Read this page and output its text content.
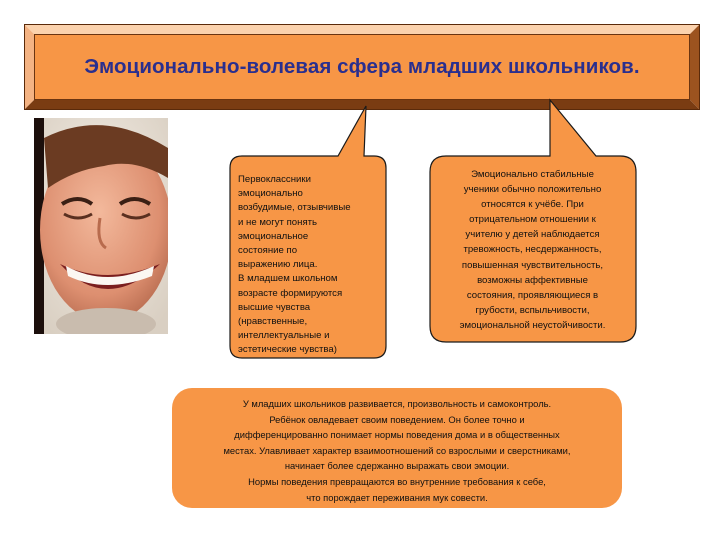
Эмоционально-волевая сфера младших школьников.
Первоклассники
эмоционально
возбудимые, отзывчивые
и не могут понять
эмоциональное
состояние по
выражению лица.
В младшем школьном
возрасте формируются
высшие чувства
(нравственные,
интеллектуальные и
эстетические чувства)
Эмоционально стабильные
ученики обычно положительно
относятся к учёбе. При
отрицательном отношении к
учителю у детей наблюдается
тревожность, несдержанность,
повышенная чувствительность,
возможны аффективные
состояния, проявляющиеся в
грубости, вспыльчивости,
эмоциональной неустойчивости.
У младших школьников развивается, произвольность и самоконтроль.
Ребёнок овладевает своим поведением. Он более точно и
дифференцированно понимает нормы поведения дома и в общественных
местах. Улавливает характер взаимоотношений со взрослыми и сверстниками,
начинает более сдержанно выражать свои эмоции.
Нормы поведения превращаются во внутренние требования к себе,
что порождает переживания мук совести.
